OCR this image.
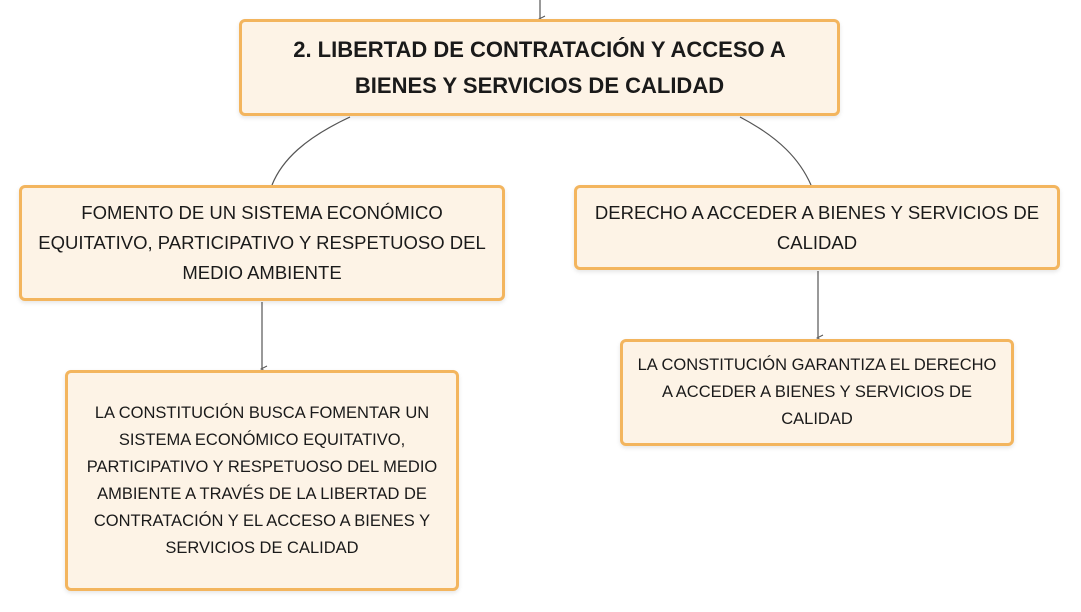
2. LIBERTAD DE CONTRATACIÓN Y ACCESO A BIENES Y SERVICIOS DE CALIDAD
FOMENTO DE UN SISTEMA ECONÓMICO EQUITATIVO, PARTICIPATIVO Y RESPETUOSO DEL MEDIO AMBIENTE
DERECHO A ACCEDER A BIENES Y SERVICIOS DE CALIDAD
LA CONSTITUCIÓN BUSCA FOMENTAR UN SISTEMA ECONÓMICO EQUITATIVO, PARTICIPATIVO Y RESPETUOSO DEL MEDIO AMBIENTE A TRAVÉS DE LA LIBERTAD DE CONTRATACIÓN Y EL ACCESO A BIENES Y SERVICIOS DE CALIDAD
LA CONSTITUCIÓN GARANTIZA EL DERECHO A ACCEDER A BIENES Y SERVICIOS DE CALIDAD
